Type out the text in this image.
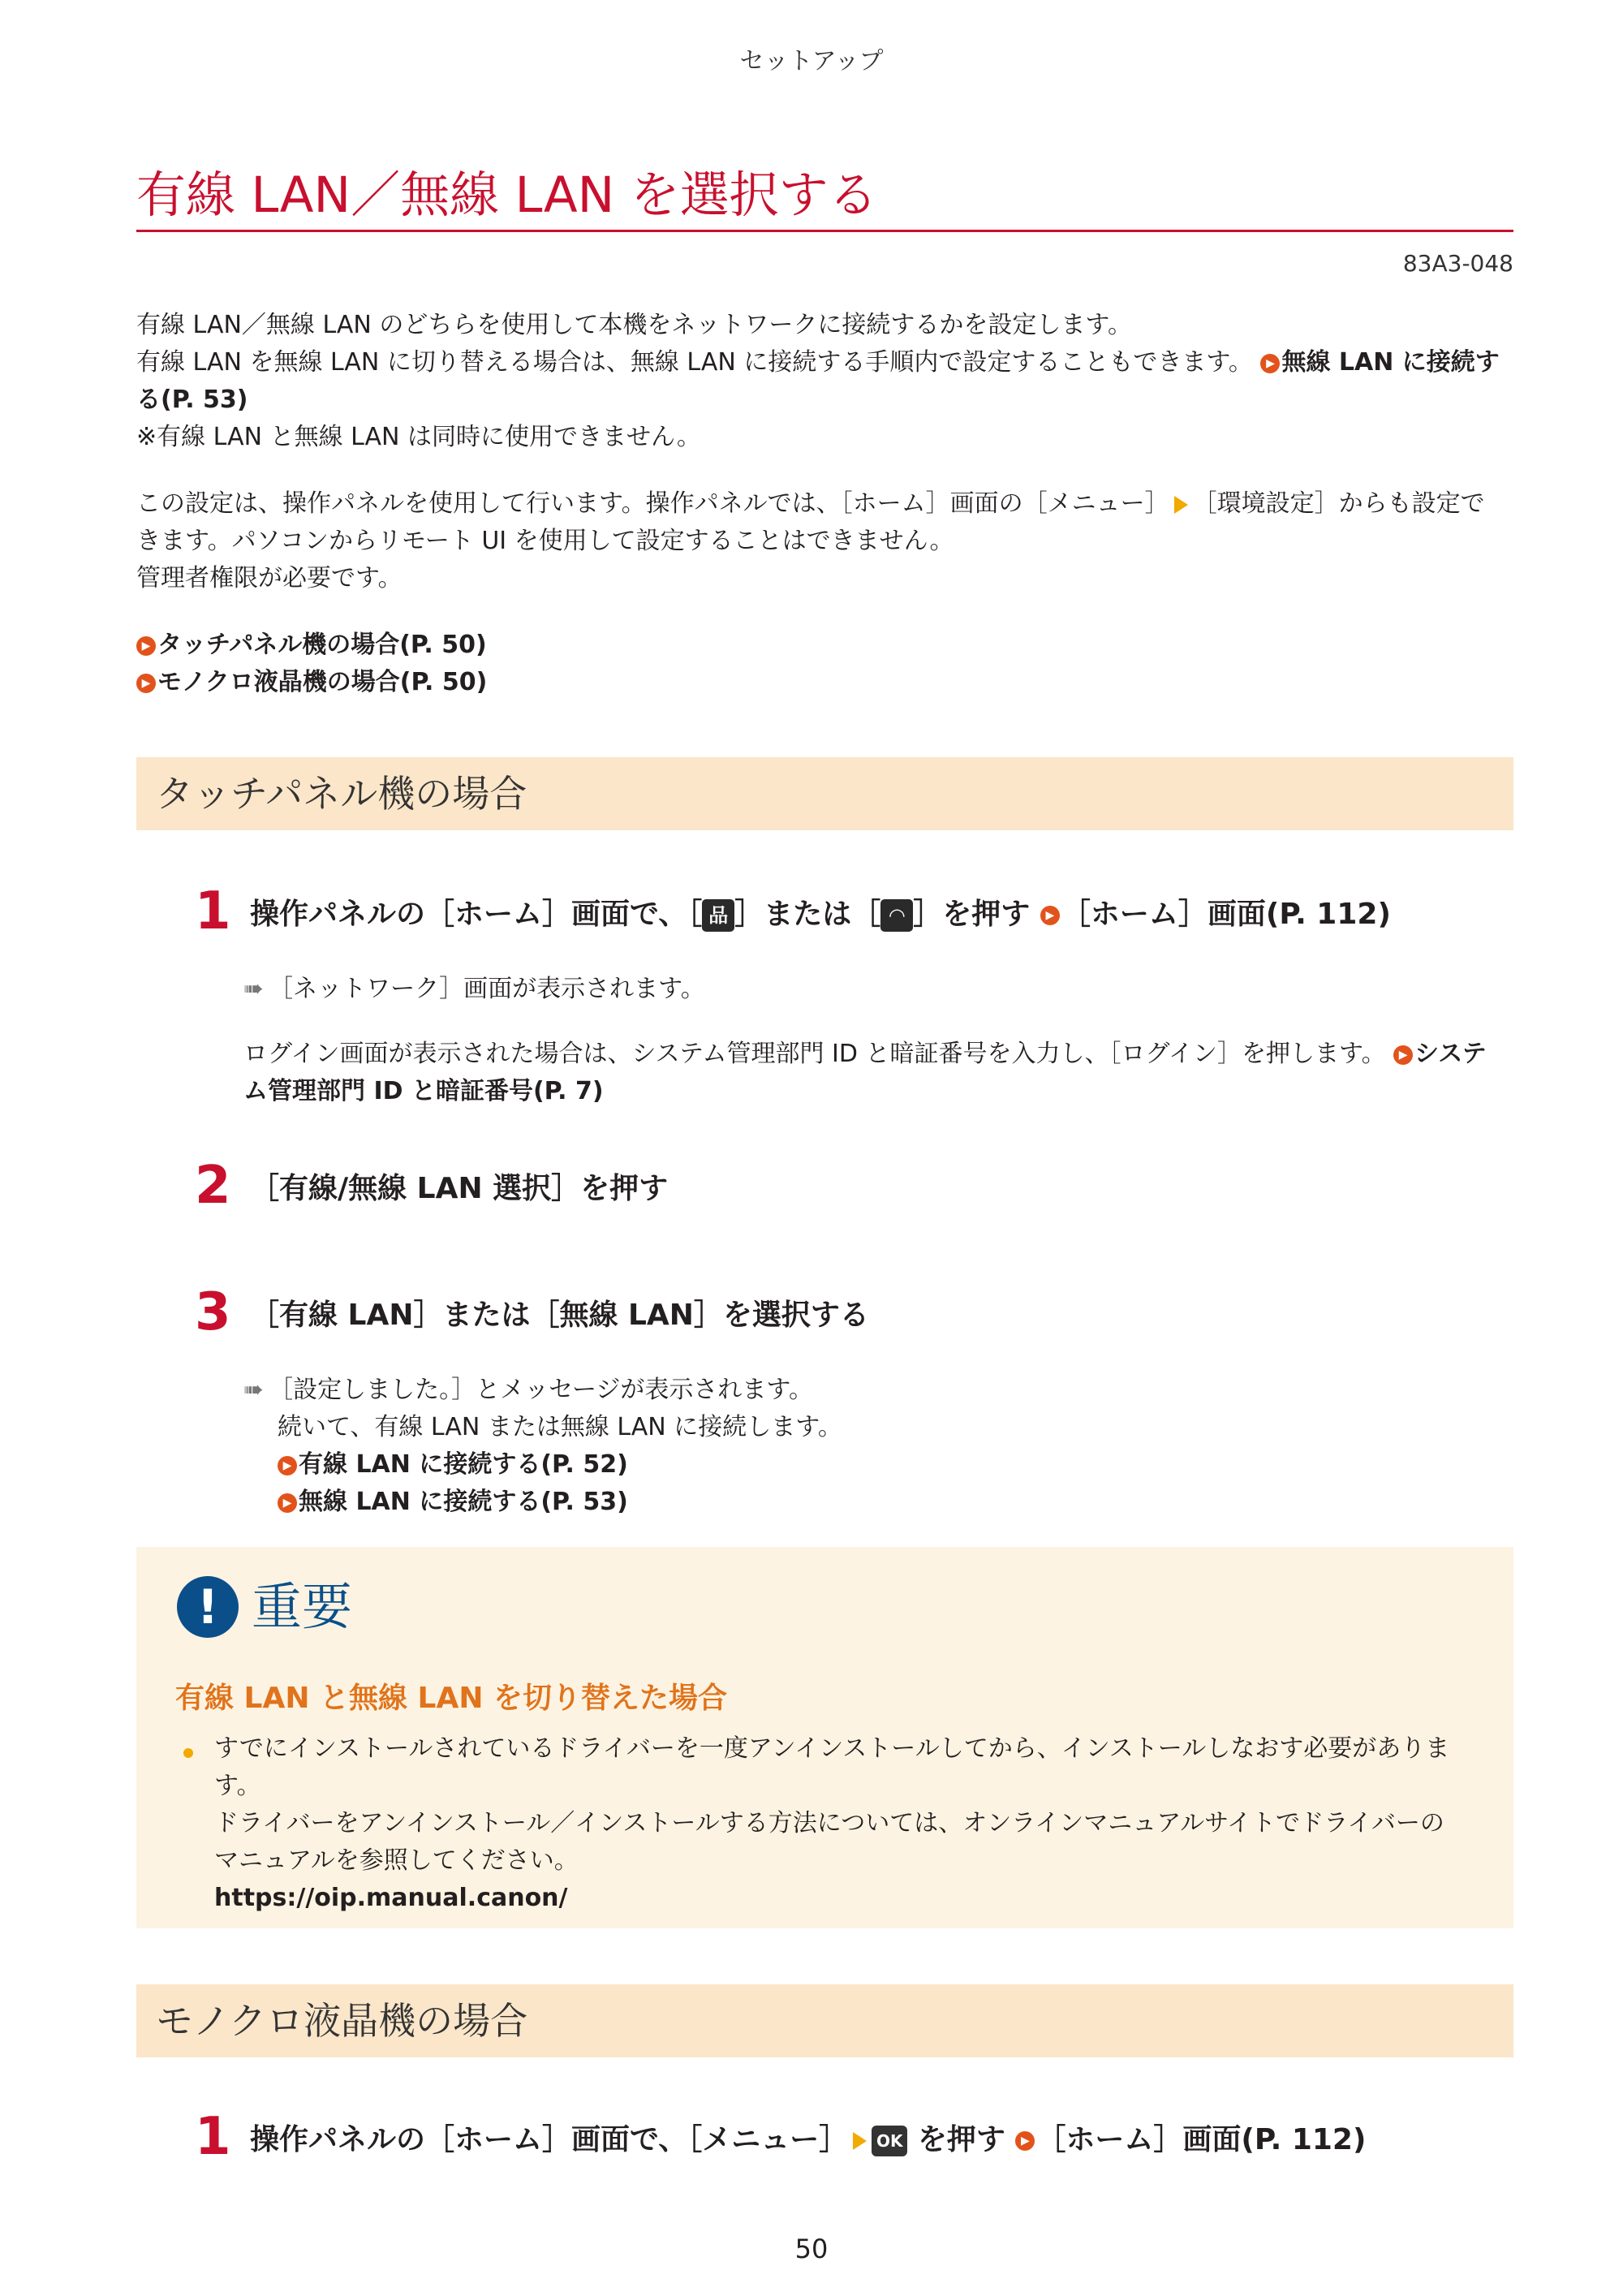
セットアップ
有線 LAN／無線 LAN を選択する
83A3-048
有線 LAN／無線 LAN のどちらを使用して本機をネットワークに接続するかを設定します。
有線 LAN を無線 LAN に切り替える場合は、無線 LAN に接続する手順内で設定することもできます。 ▶ 無線 LAN に接続す
る(P. 53)
※有線 LAN と無線 LAN は同時に使用できません。
この設定は、操作パネルを使用して行います。操作パネルでは、［ホーム］画面の［メニュー］ ［環境設定］からも設定で
きます。パソコンからリモート UI を使用して設定することはできません。
管理者権限が必要です。
▶ タッチパネル機の場合(P. 50)
▶ モノクロ液晶機の場合(P. 50)
タッチパネル機の場合
1 操作パネルの［ホーム］画面で、［ 品 ］または［ ◠ ］を押す ▶ ［ホーム］画面(P. 112)
➠ ［ネットワーク］画面が表示されます。
ログイン画面が表示された場合は、システム管理部門 ID と暗証番号を入力し、［ログイン］を押します。 ▶ システ
ム管理部門 ID と暗証番号(P. 7)
2 ［有線/無線 LAN 選択］を押す
3 ［有線 LAN］または［無線 LAN］を選択する
➠ ［設定しました。］とメッセージが表示されます。
続いて、有線 LAN または無線 LAN に接続します。
▶ 有線 LAN に接続する(P. 52)
▶ 無線 LAN に接続する(P. 53)
! 重要
有線 LAN と無線 LAN を切り替えた場合
すでにインストールされているドライバーを一度アンインストールしてから、インストールしなおす必要がありま
す。
ドライバーをアンインストール／インストールする方法については、オンラインマニュアルサイトでドライバーの
マニュアルを参照してください。
https://oip.manual.canon/
モノクロ液晶機の場合
1 操作パネルの［ホーム］画面で、［メニュー］ OK を押す ▶ ［ホーム］画面(P. 112)
50
